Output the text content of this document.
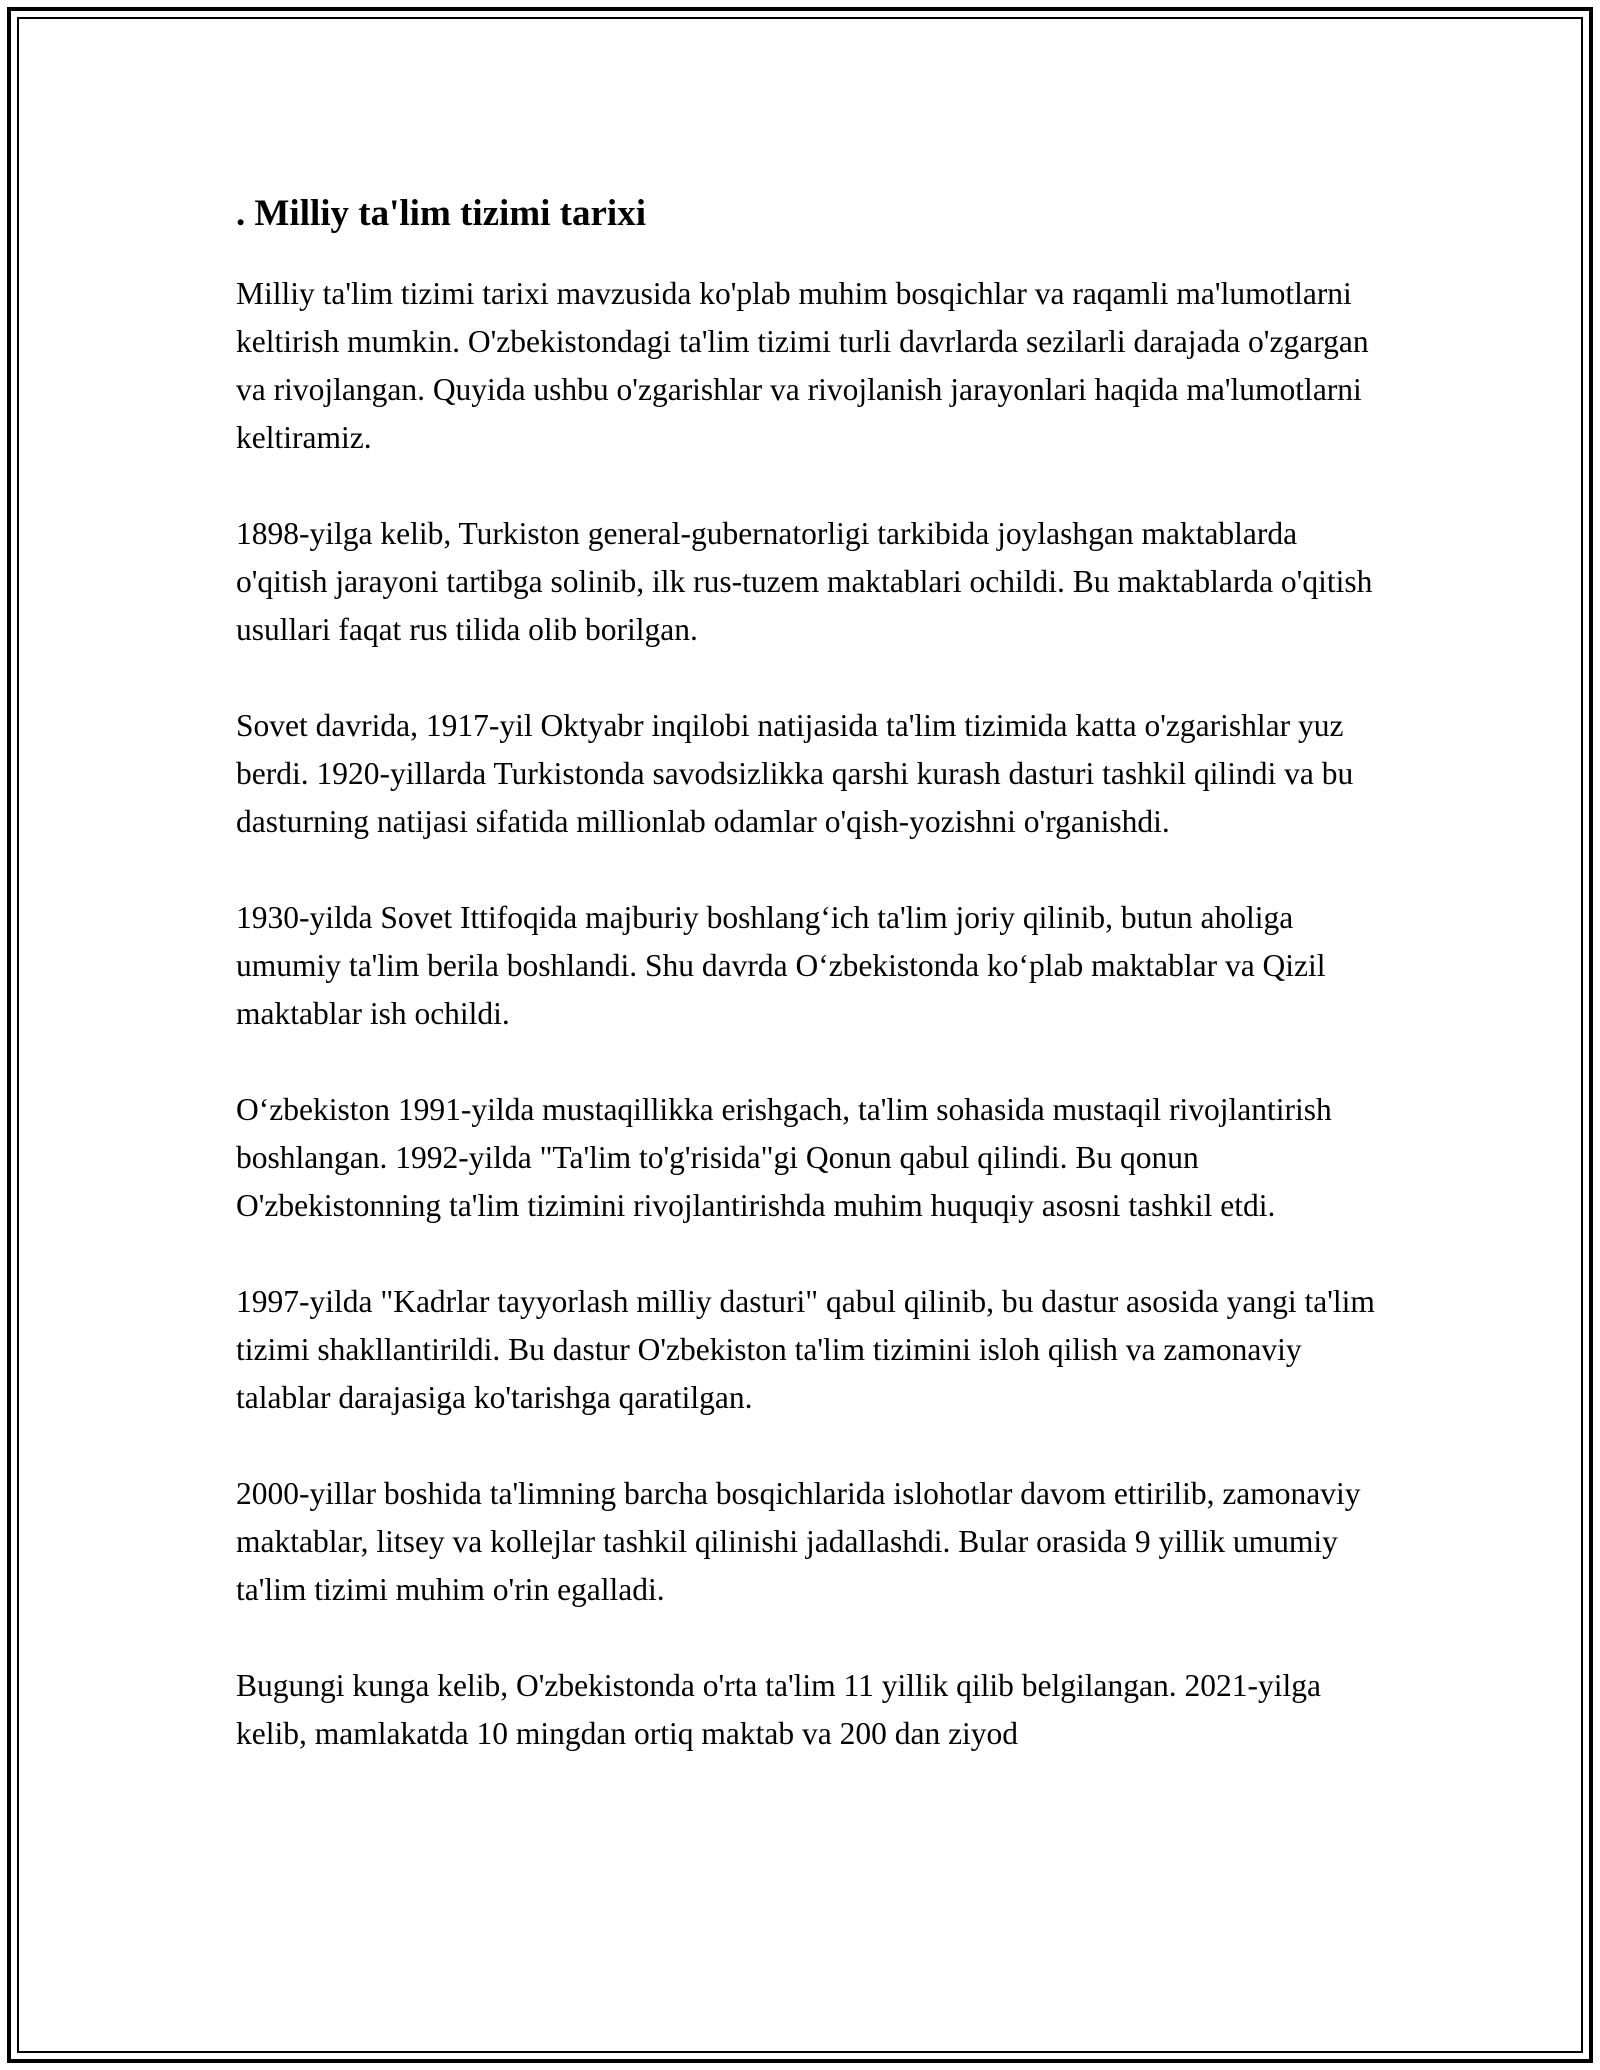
. Milliy ta'lim tizimi tarixi

Milliy ta'lim tizimi tarixi mavzusida ko'plab muhim bosqichlar va raqamli ma'lumotlarni keltirish mumkin. O'zbekistondagi ta'lim tizimi turli davrlarda sezilarli darajada o'zgargan va rivojlangan. Quyida ushbu o'zgarishlar va rivojlanish jarayonlari haqida ma'lumotlarni keltiramiz.

1898-yilga kelib, Turkiston general-gubernatorligi tarkibida joylashgan maktablarda o'qitish jarayoni tartibga solinib, ilk rus-tuzem maktablari ochildi. Bu maktablarda o'qitish usullari faqat rus tilida olib borilgan.

Sovet davrida, 1917-yil Oktyabr inqilobi natijasida ta'lim tizimida katta o'zgarishlar yuz berdi. 1920-yillarda Turkistonda savodsizlikka qarshi kurash dasturi tashkil qilindi va bu dasturning natijasi sifatida millionlab odamlar o'qish-yozishni o'rganishdi.

1930-yilda Sovet Ittifoqida majburiy boshlang‘ich ta'lim joriy qilinib, butun aholiga umumiy ta'lim berila boshlandi. Shu davrda O‘zbekistonda ko‘plab maktablar va Qizil maktablar ish ochildi.

O‘zbekiston 1991-yilda mustaqillikka erishgach, ta'lim sohasida mustaqil rivojlantirish boshlangan. 1992-yilda "Ta'lim to'g'risida"gi Qonun qabul qilindi. Bu qonun O'zbekistonning ta'lim tizimini rivojlantirishda muhim huquqiy asosni tashkil etdi.

1997-yilda "Kadrlar tayyorlash milliy dasturi" qabul qilinib, bu dastur asosida yangi ta'lim tizimi shakllantirildi. Bu dastur O'zbekiston ta'lim tizimini isloh qilish va zamonaviy talablar darajasiga ko'tarishga qaratilgan.

2000-yillar boshida ta'limning barcha bosqichlarida islohotlar davom ettirilib, zamonaviy maktablar, litsey va kollejlar tashkil qilinishi jadallashdi. Bular orasida 9 yillik umumiy ta'lim tizimi muhim o'rin egalladi.

Bugungi kunga kelib, O'zbekistonda o'rta ta'lim 11 yillik qilib belgilangan. 2021-yilga kelib, mamlakatda 10 mingdan ortiq maktab va 200 dan ziyod
